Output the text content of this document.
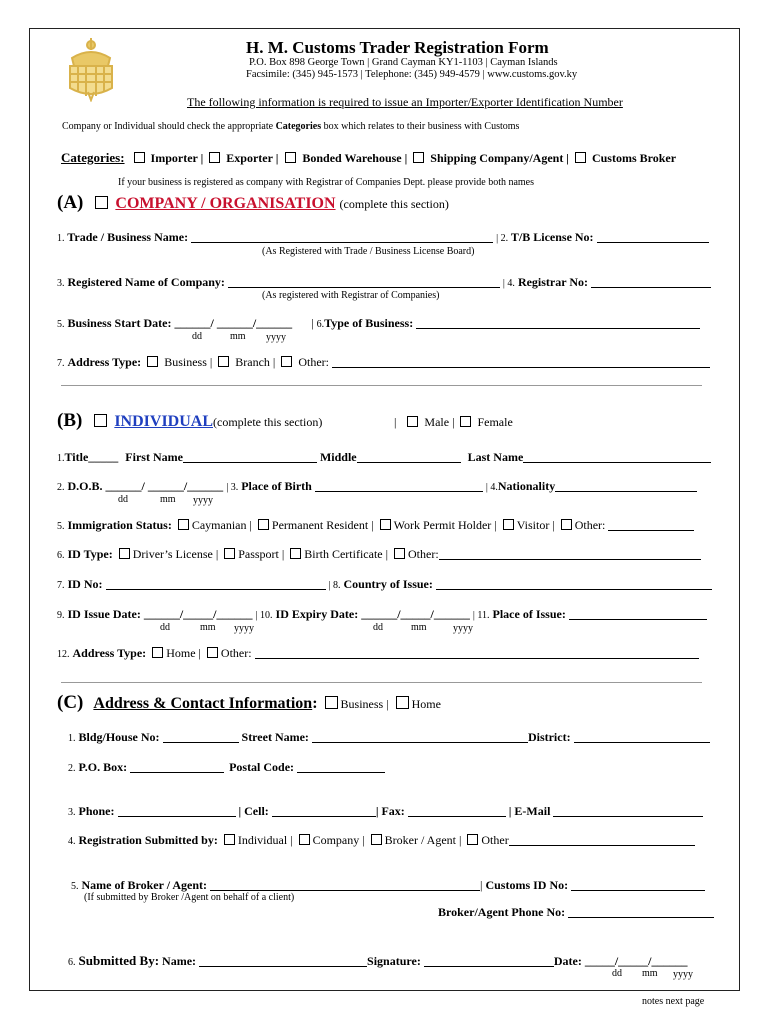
H. M. Customs Trader Registration Form
P.O. Box 898 George Town | Grand Cayman KY1-1103 | Cayman Islands
Facsimile: (345) 945-1573 | Telephone: (345) 949-4579 | www.customs.gov.ky
The following information is required to issue an Importer/Exporter Identification Number
Company or Individual should check the appropriate Categories box which relates to their business with Customs
Categories: Importer | Exporter | Bonded Warehouse | Shipping Company/Agent | Customs Broker
If your business is registered as company with Registrar of Companies Dept. please provide both names
(A) COMPANY / ORGANISATION (complete this section)
1. Trade / Business Name:	| 2. T/B License No:
(As Registered with Trade / Business License Board)
3. Registered Name of Company:	| 4. Registrar No:
(As registered with Registrar of Companies)
5. Business Start Date: ______/ ______/______ | 6.Type of Business:
dd	mm yyyy
7. Address Type: Business | Branch | Other:
(B) INDIVIDUAL(complete this section)	| Male | Female
1.Title_____ First Name	Middle	Last Name
2. D.O.B. ______/ ______/______ | 3. Place of Birth	| 4.Nationality
dd	mm yyyy
5. Immigration Status: Caymanian | Permanent Resident | Work Permit Holder | Visitor | Other:
6. ID Type: Driver’s License | Passport | Birth Certificate | Other:
7. ID No:	| 8. Country of Issue:
9. ID Issue Date: ______/_____/______ | 10. ID Expiry Date: ______/_____/______ | 11. Place of Issue:
dd	mm yyyy	dd	mm	yyyy
12. Address Type: Home | Other:
(C) Address & Contact Information: Business | Home
1. Bldg/House No:	Street Name:	District:
2. P.O. Box:	Postal Code:
3. Phone:	| Cell:	| Fax:	| E-Mail
4. Registration Submitted by: Individual | Company | Broker / Agent | Other
5. Name of Broker / Agent:	| Customs ID No:
(If submitted by Broker /Agent on behalf of a client)
Broker/Agent Phone No:
6. Submitted By: Name:	Signature:	Date: _____/_____/______
dd mm yyyy
notes next page
